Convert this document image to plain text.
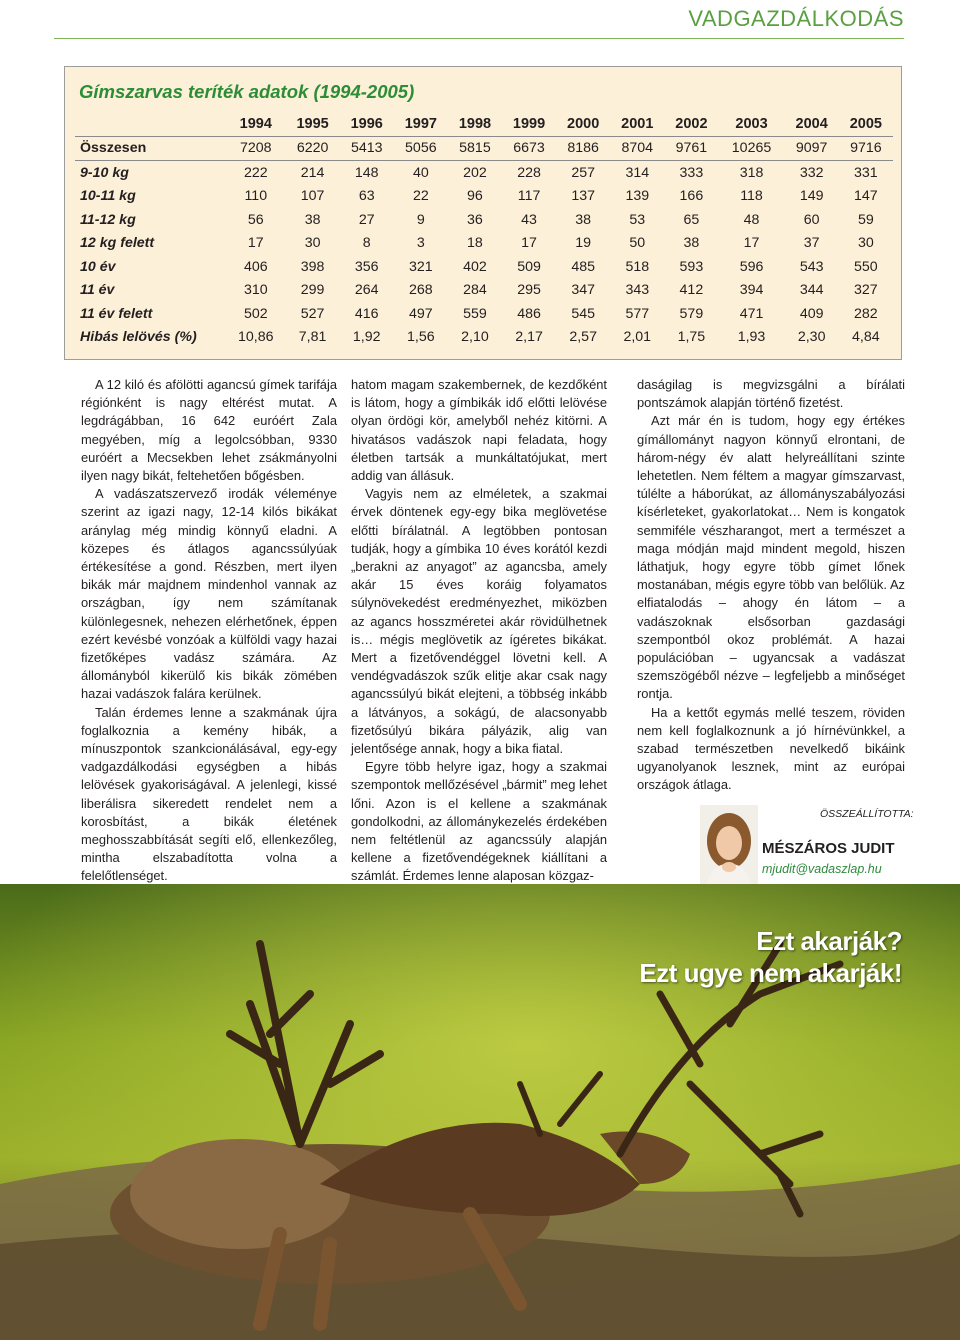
VADGAZDÁLKODÁS
Gímszarvas teríték adatok (1994-2005)
	1994	1995	1996	1997	1998	1999	2000	2001	2002	2003	2004	2005
Összesen	7208	6220	5413	5056	5815	6673	8186	8704	9761	10265	9097	9716
9-10 kg	222	214	148	40	202	228	257	314	333	318	332	331
10-11 kg	110	107	63	22	96	117	137	139	166	118	149	147
11-12 kg	56	38	27	9	36	43	38	53	65	48	60	59
12 kg felett	17	30	8	3	18	17	19	50	38	17	37	30
10 év	406	398	356	321	402	509	485	518	593	596	543	550
11 év	310	299	264	268	284	295	347	343	412	394	344	327
11 év felett	502	527	416	497	559	486	545	577	579	471	409	282
Hibás lelövés (%)	10,86	7,81	1,92	1,56	2,10	2,17	2,57	2,01	1,75	1,93	2,30	4,84

A 12 kiló és afölötti agancsú gímek tarifája régiónként is nagy eltérést mutat. A legdrágábban, 16 642 euróért Zala megyében, míg a legolcsóbban, 9330 euróért a Mecsekben lehet zsákmányolni ilyen nagy bikát, feltehetően bőgésben.

A vadászatszervező irodák véleménye szerint az igazi nagy, 12-14 kilós bikákat aránylag még mindig könnyű eladni. A közepes és átlagos agancssúlyúak értékesítése a gond. Részben, mert ilyen bikák már majdnem mindenhol vannak az országban, így nem számítanak különlegesnek, nehezen elérhetőnek, éppen ezért kevésbé vonzóak a külföldi vagy hazai fizetőképes vadász számára. Az állományból kikerülő kis bikák zömében hazai vadászok falára kerülnek.

Talán érdemes lenne a szakmának újra foglalkoznia a kemény hibák, a mínuszpontok szankcionálásával, egy-egy vadgazdálkodási egységben a hibás lelövések gyakoriságával. A jelenlegi, kissé liberálisra sikeredett rendelet nem a korosbítást, a bikák életének meghosszabbítását segíti elő, ellenkezőleg, mintha elszabadította volna a felelőtlenséget.

hatom magam szakembernek, de kezdőként is látom, hogy a gímbikák idő előtti lelövése olyan ördögi kör, amelyből nehéz kitörni. A hivatásos vadászok napi feladata, hogy életben tartsák a munkáltatójukat, mert addig van állásuk.

Vagyis nem az elméletek, a szakmai érvek döntenek egy-egy bika meglövetése előtti bírálatnál. A legtöbben pontosan tudják, hogy a gímbika 10 éves korától kezdi „berakni az anyagot” az agancsba, amely akár 15 éves koráig folyamatos súlynövekedést eredményezhet, miközben az agancs hosszméretei akár rövidülhetnek is… mégis meglövetik az ígéretes bikákat. Mert a fizetővendéggel lövetni kell. A vendégvadászok szűk elitje akar csak nagy agancssúlyú bikát elejteni, a többség inkább a látványos, a sokágú, de alacsonyabb fizetősúlyú bikára pályázik, alig van jelentősége annak, hogy a bika fiatal.

Egyre több helyre igaz, hogy a szakmai szempontok mellőzésével „bármit” meg lehet lőni. Azon is el kellene a szakmának gondolkodni, az állománykezelés érdekében nem feltétlenül az agancssúly alapján kellene a fizetővendégeknek kiállítani a számlát. Érdemes lenne alaposan közgaz-

daságilag is megvizsgálni a bírálati pontszámok alapján történő fizetést.

Azt már én is tudom, hogy egy értékes gímállományt nagyon könnyű elrontani, de három-négy év alatt helyreállítani szinte lehetetlen. Nem féltem a magyar gímszarvast, túlélte a háborúkat, az állományszabályozási kísérleteket, gyakorlatokat… Nem is kongatok semmiféle vészharangot, mert a természet a maga módján majd mindent megold, hiszen láthatjuk, hogy egyre több gímet lőnek mostanában, mégis egyre több van belőlük. Az elfiatalodás – ahogy én látom – a vadászoknak elsősorban gazdasági szempontból okoz problémát. A hazai populációban – ugyancsak a vadászat szemszögéből nézve – legfeljebb a minőséget rontja.

Ha a kettőt egymás mellé teszem, röviden nem kell foglalkoznunk a jó hírnévünkkel, a szabad természetben nevelkedő bikáink ugyanolyanok lesznek, mint az európai országok átlaga.

ÖSSZEÁLLÍTOTTA:
MÉSZÁROS JUDIT
mjudit@vadaszlap.hu
Ezt akarják?
Ezt ugye nem akarják!
